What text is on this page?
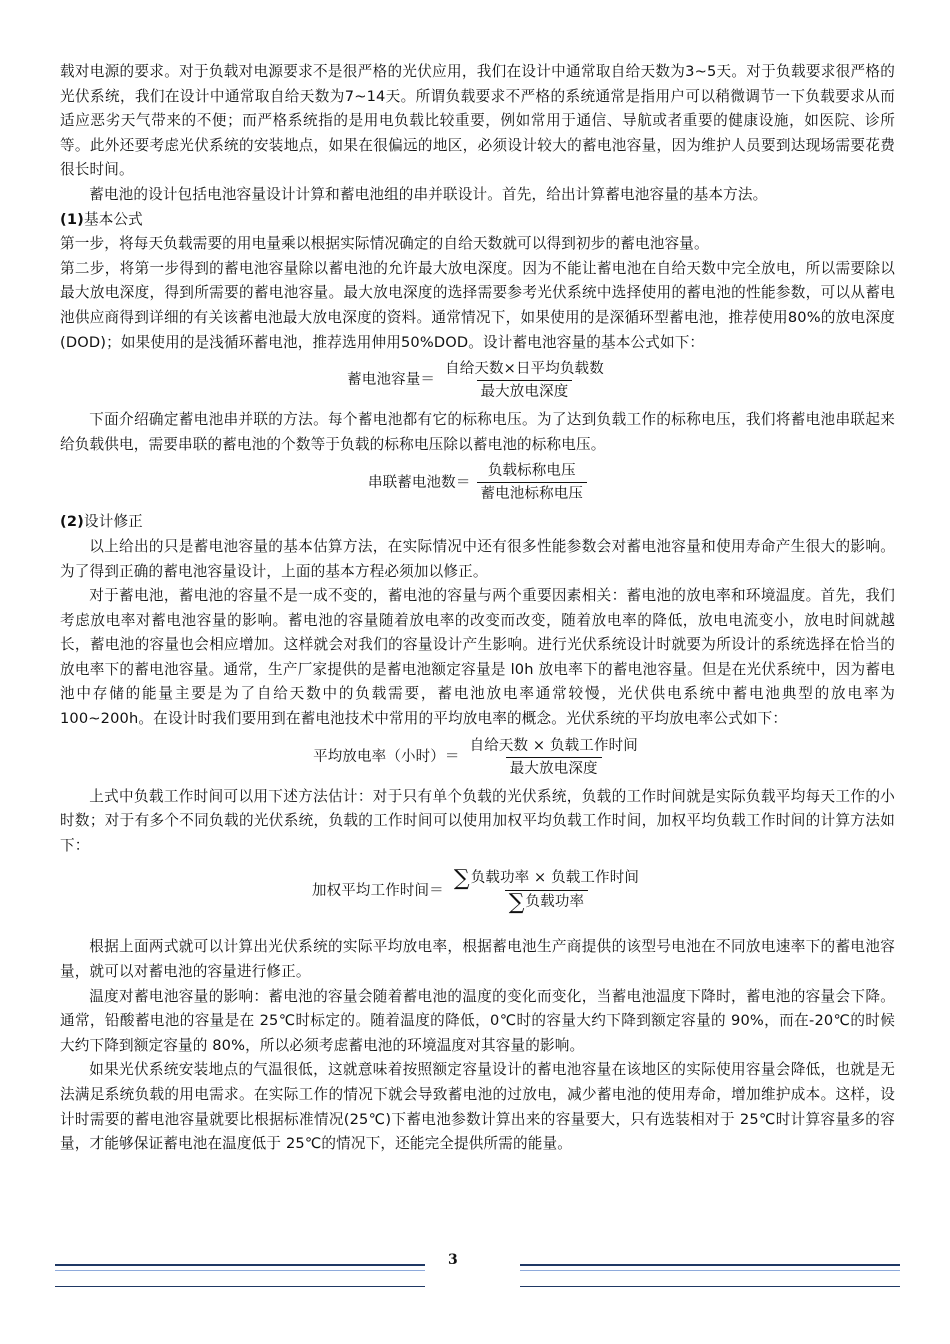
载对电源的要求。对于负载对电源要求不是很严格的光伏应用，我们在设计中通常取自给天数为3~5天。对于负载要求很严格的光伏系统，我们在设计中通常取自给天数为7~14天。所谓负载要求不严格的系统通常是指用户可以稍微调节一下负载要求从而适应恶劣天气带来的不便；而严格系统指的是用电负载比较重要，例如常用于通信、导航或者重要的健康设施，如医院、诊所等。此外还要考虑光伏系统的安装地点，如果在很偏远的地区，必须设计较大的蓄电池容量，因为维护人员要到达现场需要花费很长时间。

蓄电池的设计包括电池容量设计计算和蓄电池组的串并联设计。首先，给出计算蓄电池容量的基本方法。

(1)基本公式

第一步，将每天负载需要的用电量乘以根据实际情况确定的自给天数就可以得到初步的蓄电池容量。

第二步，将第一步得到的蓄电池容量除以蓄电池的允许最大放电深度。因为不能让蓄电池在自给天数中完全放电，所以需要除以最大放电深度，得到所需要的蓄电池容量。最大放电深度的选择需要参考光伏系统中选择使用的蓄电池的性能参数，可以从蓄电池供应商得到详细的有关该蓄电池最大放电深度的资料。通常情况下，如果使用的是深循环型蓄电池，推荐使用80%的放电深度(DOD)；如果使用的是浅循环蓄电池，推荐选用伸用50%DOD。设计蓄电池容量的基本公式如下：

蓄电池容量＝ $\frac{\text{自给天数×日平均负载数}}{\text{最大放电深度}}$

下面介绍确定蓄电池串并联的方法。每个蓄电池都有它的标称电压。为了达到负载工作的标称电压，我们将蓄电池串联起来给负载供电，需要串联的蓄电池的个数等于负载的标称电压除以蓄电池的标称电压。

串联蓄电池数＝ $\frac{\text{负载标称电压}}{\text{蓄电池标称电压}}$

(2)设计修正

以上给出的只是蓄电池容量的基本估算方法，在实际情况中还有很多性能参数会对蓄电池容量和使用寿命产生很大的影响。为了得到正确的蓄电池容量设计，上面的基本方程必须加以修正。

对于蓄电池，蓄电池的容量不是一成不变的，蓄电池的容量与两个重要因素相关：蓄电池的放电率和环境温度。首先，我们考虑放电率对蓄电池容量的影响。蓄电池的容量随着放电率的改变而改变，随着放电率的降低，放电电流变小，放电时间就越长，蓄电池的容量也会相应增加。这样就会对我们的容量设计产生影响。进行光伏系统设计时就要为所设计的系统选择在恰当的放电率下的蓄电池容量。通常，生产厂家提供的是蓄电池额定容量是 l0h 放电率下的蓄电池容量。但是在光伏系统中，因为蓄电池中存储的能量主要是为了自给天数中的负载需要，蓄电池放电率通常较慢，光伏供电系统中蓄电池典型的放电率为100~200h。在设计时我们要用到在蓄电池技术中常用的平均放电率的概念。光伏系统的平均放电率公式如下：

平均放电率（小时）＝ $\frac{\text{自给天数 × 负载工作时间}}{\text{最大放电深度}}$

上式中负载工作时间可以用下述方法估计：对于只有单个负载的光伏系统，负载的工作时间就是实际负载平均每天工作的小时数；对于有多个不同负载的光伏系统，负载的工作时间可以使用加权平均负载工作时间，加权平均负载工作时间的计算方法如下：

加权平均工作时间＝ $\frac{\text{∑负载功率 × 负载工作时间}}{\text{∑负载功率}}$

根据上面两式就可以计算出光伏系统的实际平均放电率，根据蓄电池生产商提供的该型号电池在不同放电速率下的蓄电池容量，就可以对蓄电池的容量进行修正。

温度对蓄电池容量的影响：蓄电池的容量会随着蓄电池的温度的变化而变化，当蓄电池温度下降时，蓄电池的容量会下降。通常，铅酸蓄电池的容量是在 25℃时标定的。随着温度的降低，0℃时的容量大约下降到额定容量的 90%，而在-20℃的时候大约下降到额定容量的 80%，所以必须考虑蓄电池的环境温度对其容量的影响。

如果光伏系统安装地点的气温很低，这就意味着按照额定容量设计的蓄电池容量在该地区的实际使用容量会降低，也就是无法满足系统负载的用电需求。在实际工作的情况下就会导致蓄电池的过放电，减少蓄电池的使用寿命，增加维护成本。这样，设计时需要的蓄电池容量就要比根据标准情况(25℃)下蓄电池参数计算出来的容量要大，只有选装相对于 25℃时计算容量多的容量，才能够保证蓄电池在温度低于 25℃的情况下，还能完全提供所需的能量。

3
